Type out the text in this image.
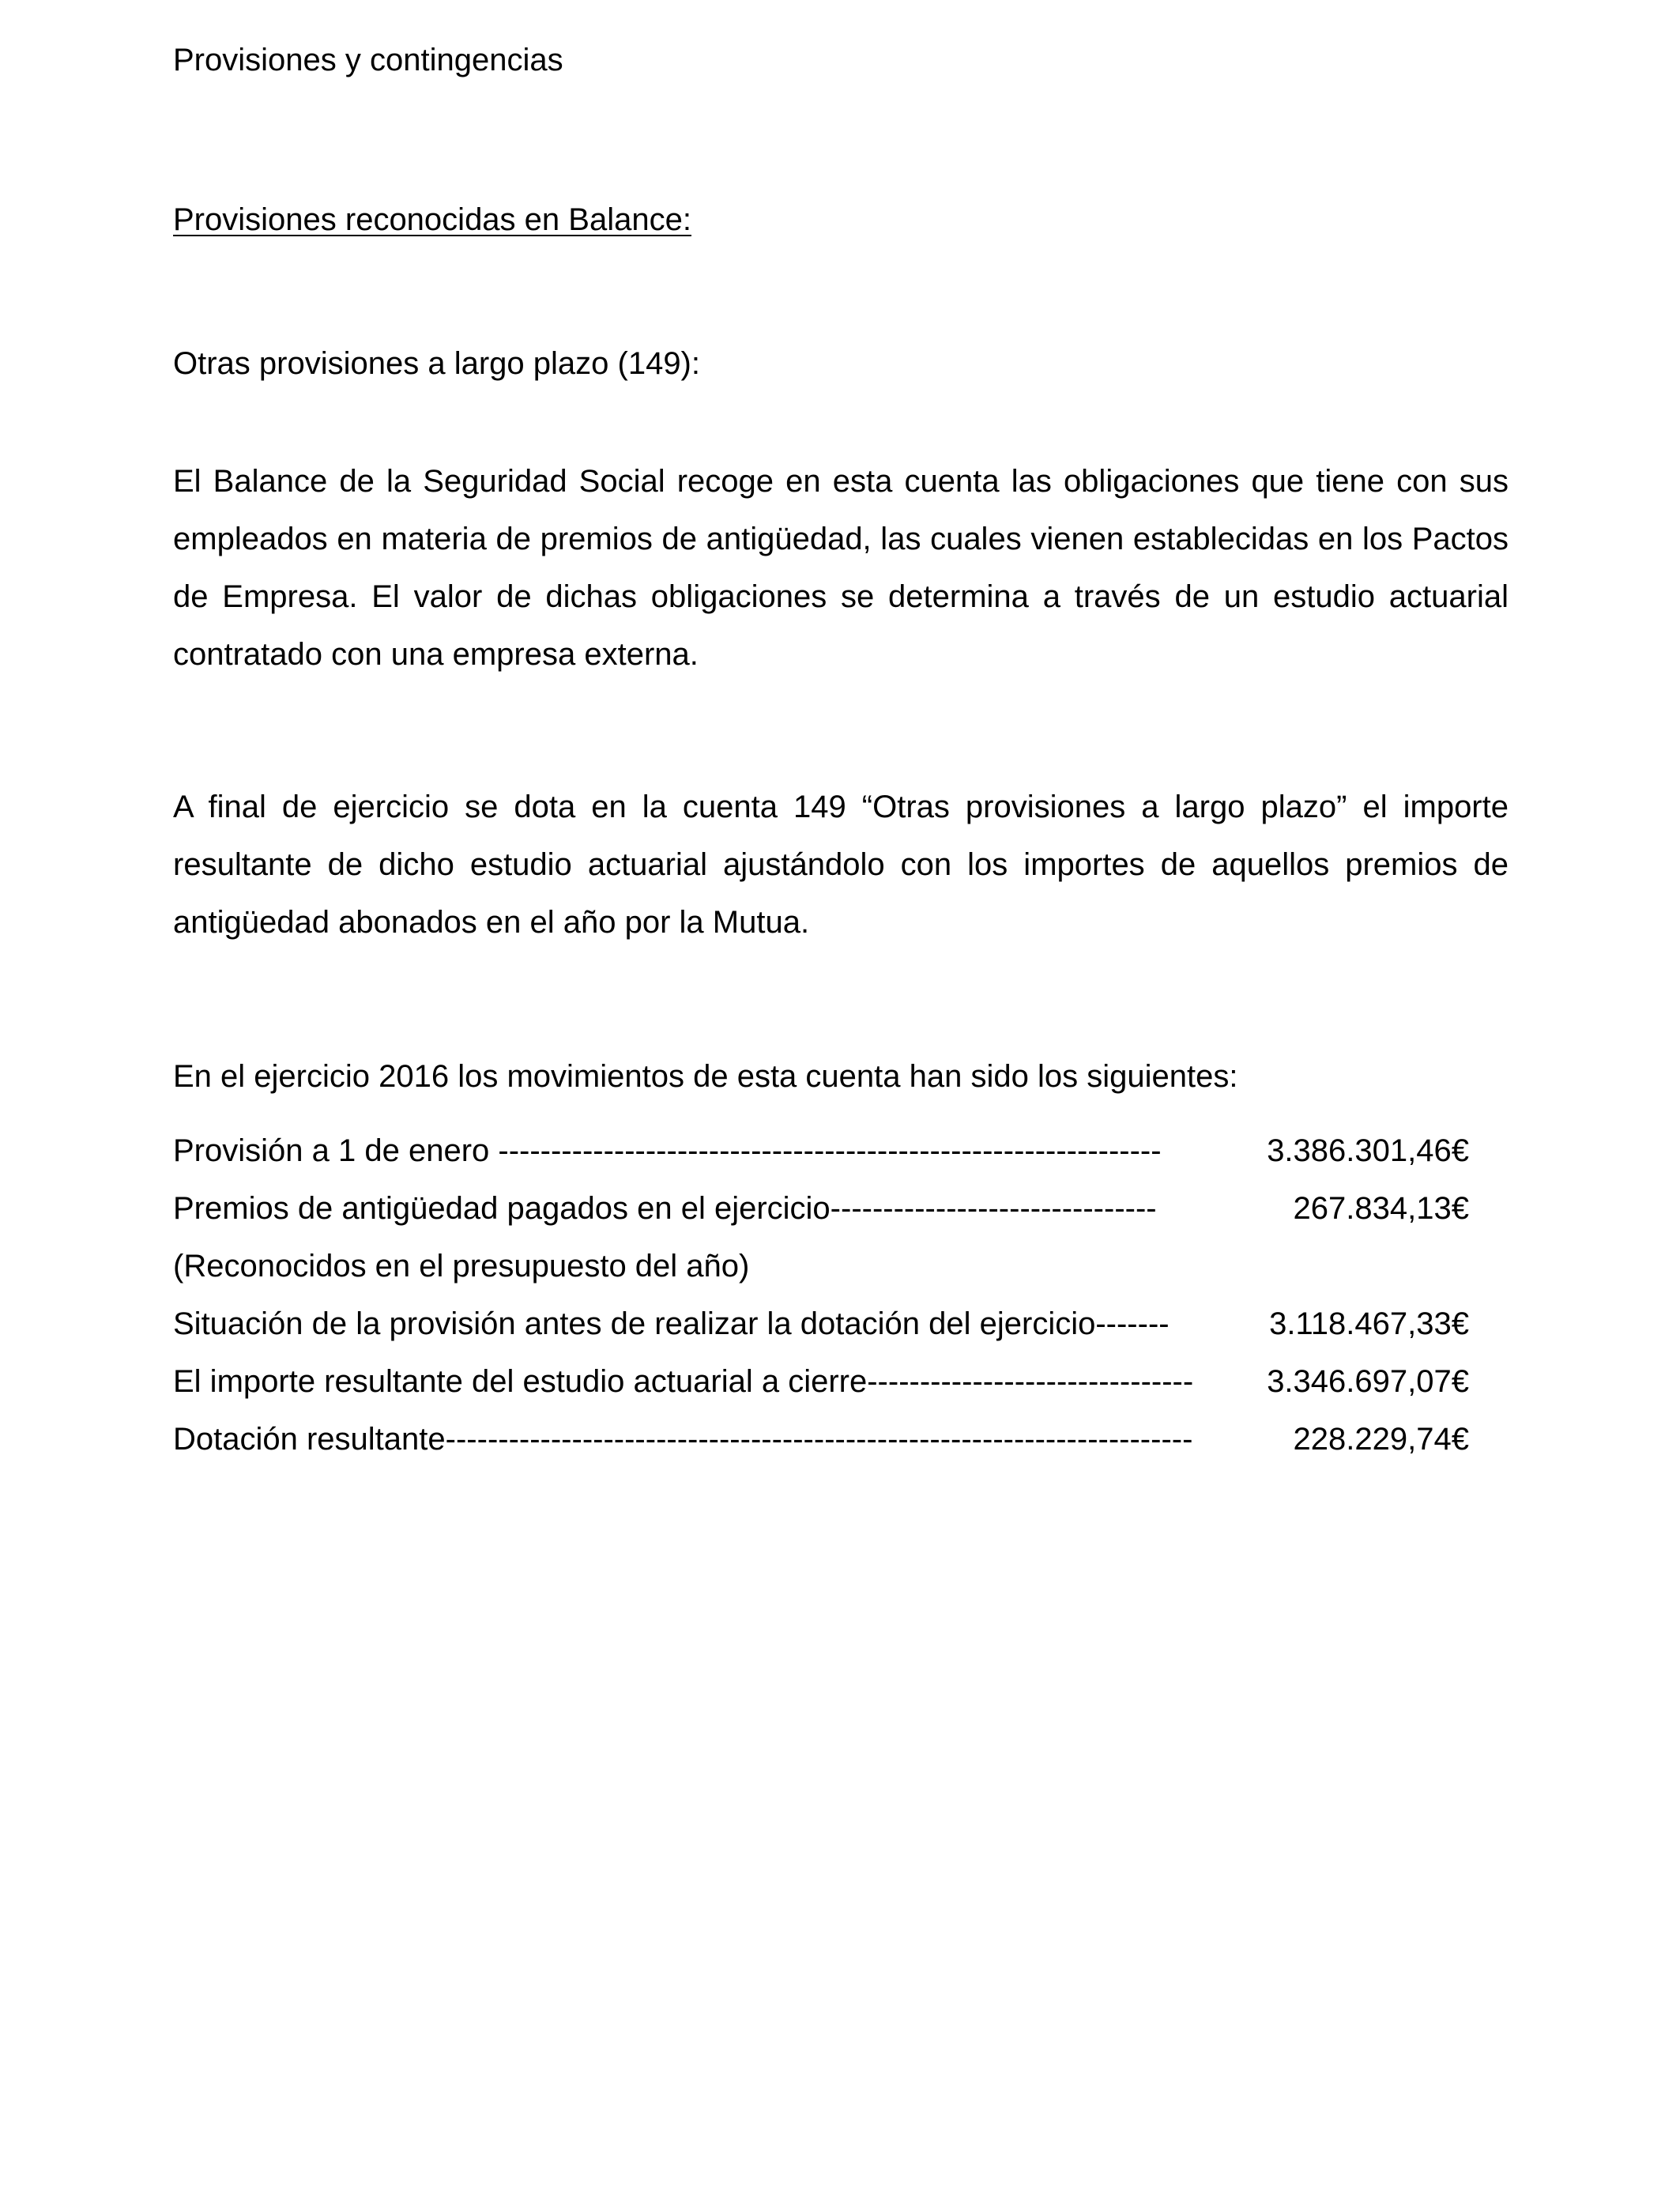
Provisiones y contingencias
Provisiones reconocidas en Balance:
Otras provisiones a largo plazo (149):

El Balance de la Seguridad Social recoge en esta cuenta las obligaciones que tiene con sus empleados en materia de premios de antigüedad, las cuales vienen establecidas en los Pactos de Empresa. El valor de dichas obligaciones se determina a través de un estudio actuarial contratado con una empresa externa.

A final de ejercicio se dota en la cuenta 149 “Otras provisiones a largo plazo” el importe resultante de dicho estudio actuarial ajustándolo con los importes de aquellos premios de antigüedad abonados en el año por la Mutua.

En el ejercicio 2016 los movimientos de esta cuenta han sido los siguientes:

Provisión a 1 de enero ---------------------------------------------------------------	3.386.301,46€
Premios de antigüedad pagados en el ejercicio-------------------------------	267.834,13€
(Reconocidos en el presupuesto del año)
Situación de la provisión antes de realizar la dotación del ejercicio-------	3.118.467,33€
El importe resultante del estudio actuarial a cierre------------------------------- 3.346.697,07€
Dotación resultante-----------------------------------------------------------------------	228.229,74€
